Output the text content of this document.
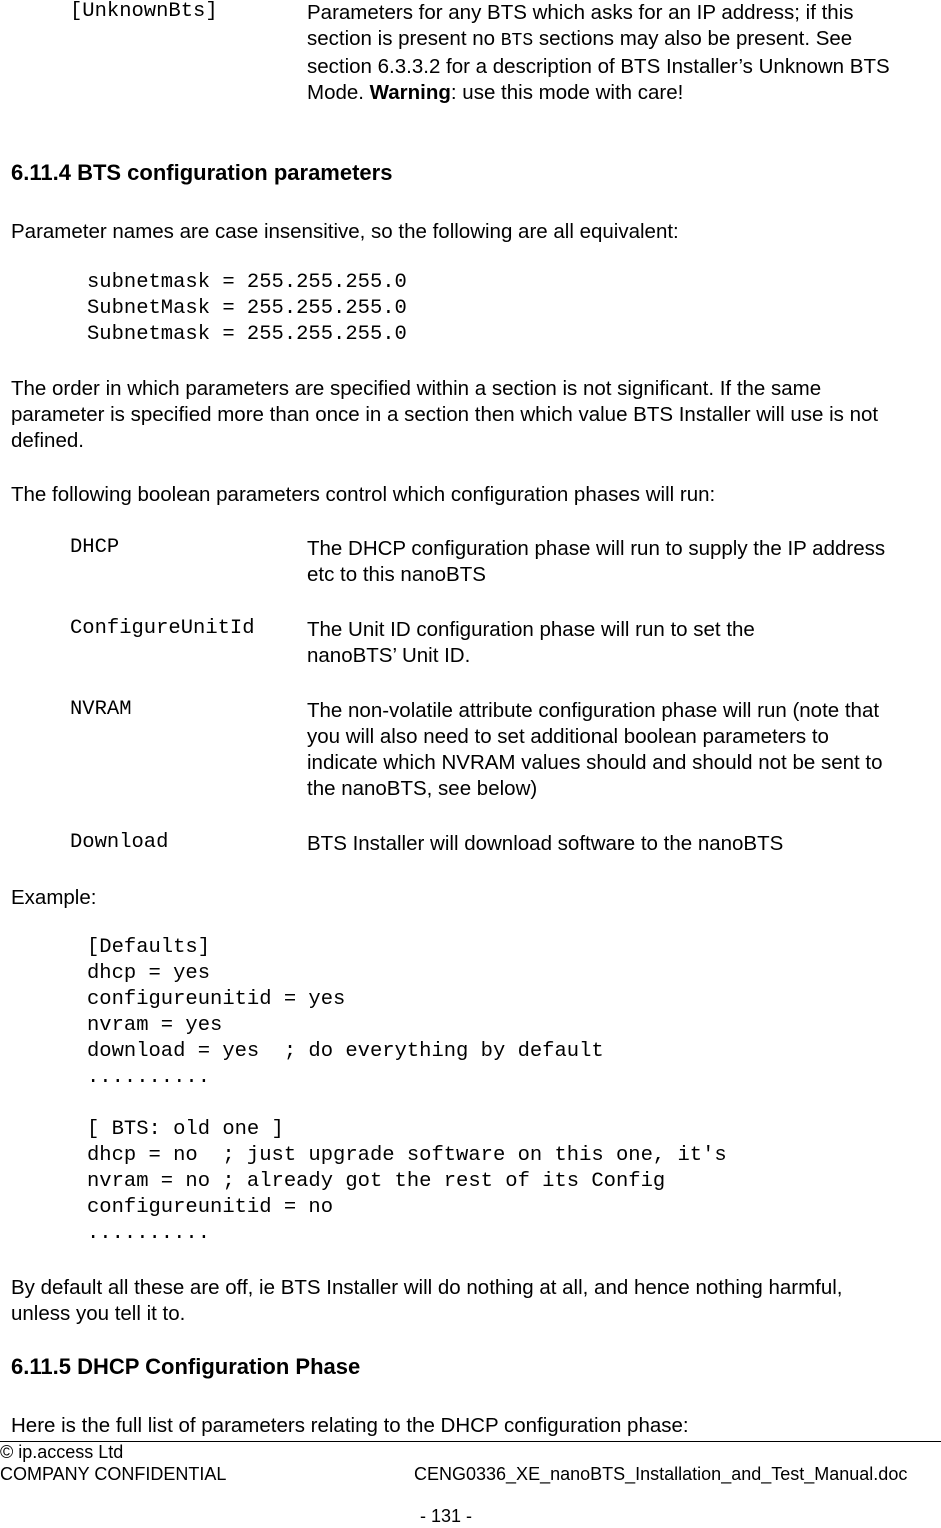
[UnknownBts]	Parameters for any BTS which asks for an IP address; if this section is present no BTS sections may also be present. See section 6.3.3.2 for a description of BTS Installer’s Unknown BTS Mode. Warning: use this mode with care!
6.11.4 BTS configuration parameters
Parameter names are case insensitive, so the following are all equivalent:
subnetmask = 255.255.255.0
SubnetMask = 255.255.255.0
Subnetmask = 255.255.255.0
The order in which parameters are specified within a section is not significant. If the same parameter is specified more than once in a section then which value BTS Installer will use is not defined.
The following boolean parameters control which configuration phases will run:
DHCP	The DHCP configuration phase will run to supply the IP address etc to this nanoBTS
ConfigureUnitId	The Unit ID configuration phase will run to set the nanoBTS’ Unit ID.
NVRAM	The non-volatile attribute configuration phase will run (note that you will also need to set additional boolean parameters to indicate which NVRAM values should and should not be sent to the nanoBTS, see below)
Download	BTS Installer will download software to the nanoBTS
Example:
[Defaults]
dhcp = yes
configureunitid = yes
nvram = yes
download = yes  ; do everything by default
..........
[ BTS: old one ]
dhcp = no  ; just upgrade software on this one, it's
nvram = no ; already got the rest of its Config
configureunitid = no
..........
By default all these are off, ie BTS Installer will do nothing at all, and hence nothing harmful, unless you tell it to.
6.11.5 DHCP Configuration Phase
Here is the full list of parameters relating to the DHCP configuration phase:
© ip.access Ltd
COMPANY CONFIDENTIAL	CENG0336_XE_nanoBTS_Installation_and_Test_Manual.doc
- 131 -
